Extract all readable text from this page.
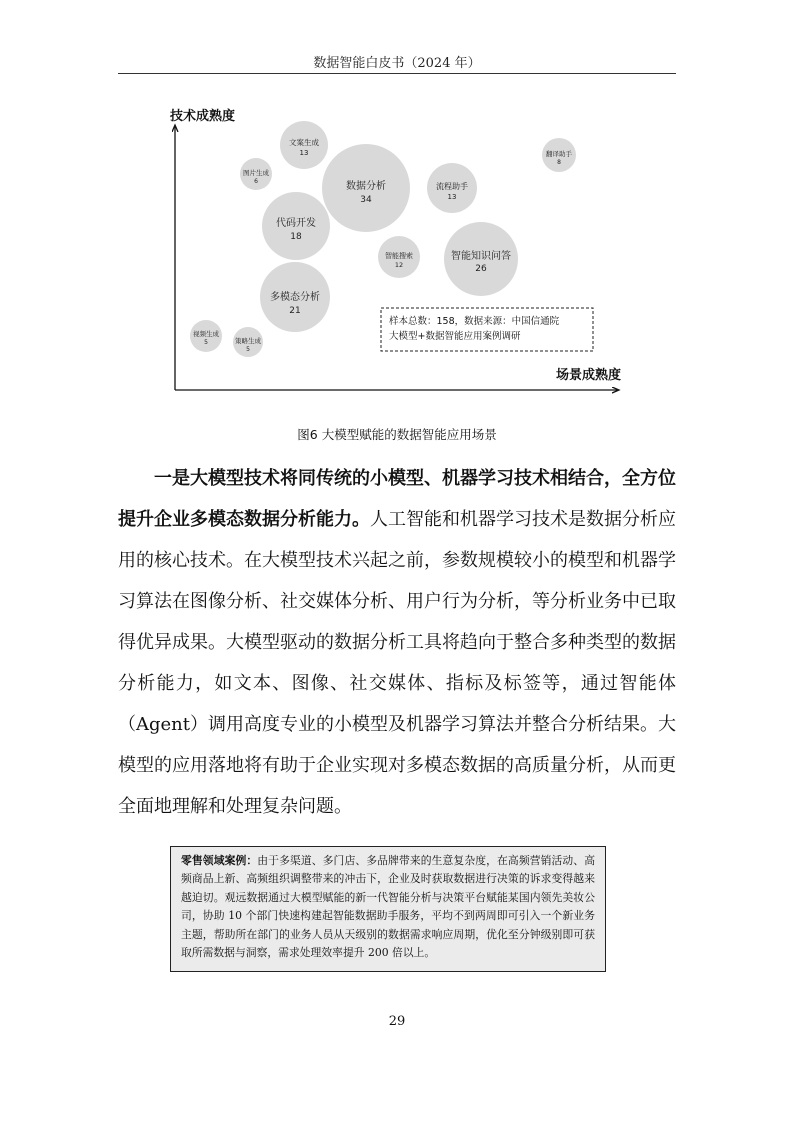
数据智能白皮书（2024 年）
技术成熟度
场景成熟度
文案生成
13
图片生成
6	数据分析
34
流程助手
13
翻译助手
8
代码开发
18
智能搜索
12
智能知识问答
26
多模态分析
21
视频生成
5	策略生成
5
样本总数：158，数据来源：中国信通院
大模型+数据智能应用案例调研
图6 大模型赋能的数据智能应用场景

一是大模型技术将同传统的小模型、机器学习技术相结合，全方位提升企业多模态数据分析能力。人工智能和机器学习技术是数据分析应用的核心技术。在大模型技术兴起之前，参数规模较小的模型和机器学习算法在图像分析、社交媒体分析、用户行为分析，等分析业务中已取得优异成果。大模型驱动的数据分析工具将趋向于整合多种类型的数据分析能力，如文本、图像、社交媒体、指标及标签等，通过智能体（Agent）调用高度专业的小模型及机器学习算法并整合分析结果。大模型的应用落地将有助于企业实现对多模态数据的高质量分析，从而更全面地理解和处理复杂问题。

零售领域案例：由于多渠道、多门店、多品牌带来的生意复杂度，在高频营销活动、高频商品上新、高频组织调整带来的冲击下，企业及时获取数据进行决策的诉求变得越来越迫切。观远数据通过大模型赋能的新一代智能分析与决策平台赋能某国内领先美妆公司，协助 10 个部门快速构建起智能数据助手服务，平均不到两周即可引入一个新业务主题，帮助所在部门的业务人员从天级别的数据需求响应周期，优化至分钟级别即可获取所需数据与洞察，需求处理效率提升 200 倍以上。
29
